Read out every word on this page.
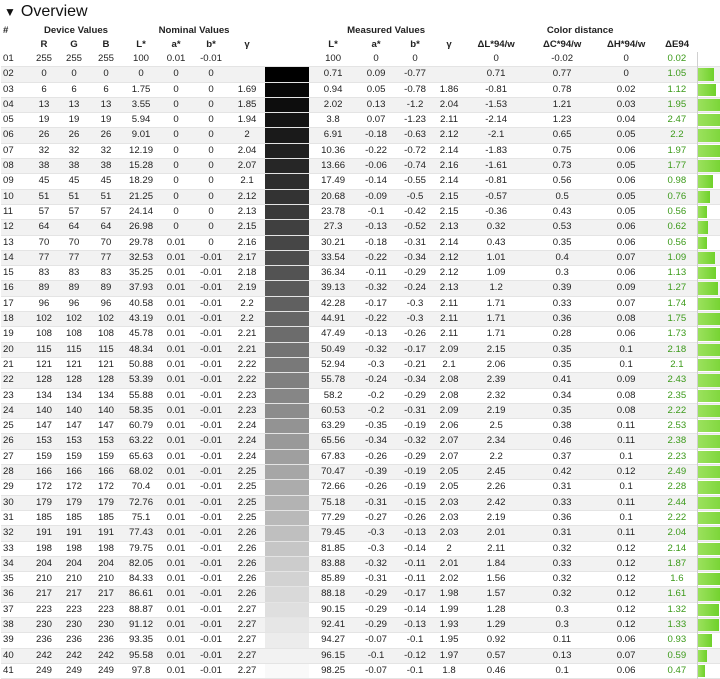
▼ Overview
#	Device Values			Nominal Values					Measured Values				Color distance				
	R	G	B	L*	a*	b*	γ		L*	a*	b*	γ	ΔL*94/w	ΔC*94/w	ΔH*94/w	ΔE94	
01	255	255	255	100	0.01	-0.01			100	0	0		0	-0.02	0	0.02	

02	0	0	0	0	0	0			0.71	0.09	-0.77		0.71	0.77	0	1.05	

03	6	6	6	1.75	0	0	1.69		0.94	0.05	-0.78	1.86	-0.81	0.78	0.02	1.12	

04	13	13	13	3.55	0	0	1.85		2.02	0.13	-1.2	2.04	-1.53	1.21	0.03	1.95	

05	19	19	19	5.94	0	0	1.94		3.8	0.07	-1.23	2.11	-2.14	1.23	0.04	2.47	

06	26	26	26	9.01	0	0	2		6.91	-0.18	-0.63	2.12	-2.1	0.65	0.05	2.2	

07	32	32	32	12.19	0	0	2.04		10.36	-0.22	-0.72	2.14	-1.83	0.75	0.06	1.97	

08	38	38	38	15.28	0	0	2.07		13.66	-0.06	-0.74	2.16	-1.61	0.73	0.05	1.77	

09	45	45	45	18.29	0	0	2.1		17.49	-0.14	-0.55	2.14	-0.81	0.56	0.06	0.98	

10	51	51	51	21.25	0	0	2.12		20.68	-0.09	-0.5	2.15	-0.57	0.5	0.05	0.76	

11	57	57	57	24.14	0	0	2.13		23.78	-0.1	-0.42	2.15	-0.36	0.43	0.05	0.56	

12	64	64	64	26.98	0	0	2.15		27.3	-0.13	-0.52	2.13	0.32	0.53	0.06	0.62	

13	70	70	70	29.78	0.01	0	2.16		30.21	-0.18	-0.31	2.14	0.43	0.35	0.06	0.56	

14	77	77	77	32.53	0.01	-0.01	2.17		33.54	-0.22	-0.34	2.12	1.01	0.4	0.07	1.09	

15	83	83	83	35.25	0.01	-0.01	2.18		36.34	-0.11	-0.29	2.12	1.09	0.3	0.06	1.13	

16	89	89	89	37.93	0.01	-0.01	2.19		39.13	-0.32	-0.24	2.13	1.2	0.39	0.09	1.27	

17	96	96	96	40.58	0.01	-0.01	2.2		42.28	-0.17	-0.3	2.11	1.71	0.33	0.07	1.74	

18	102	102	102	43.19	0.01	-0.01	2.2		44.91	-0.22	-0.3	2.11	1.71	0.36	0.08	1.75	

19	108	108	108	45.78	0.01	-0.01	2.21		47.49	-0.13	-0.26	2.11	1.71	0.28	0.06	1.73	

20	115	115	115	48.34	0.01	-0.01	2.21		50.49	-0.32	-0.17	2.09	2.15	0.35	0.1	2.18	

21	121	121	121	50.88	0.01	-0.01	2.22		52.94	-0.3	-0.21	2.1	2.06	0.35	0.1	2.1	

22	128	128	128	53.39	0.01	-0.01	2.22		55.78	-0.24	-0.34	2.08	2.39	0.41	0.09	2.43	

23	134	134	134	55.88	0.01	-0.01	2.23		58.2	-0.2	-0.29	2.08	2.32	0.34	0.08	2.35	

24	140	140	140	58.35	0.01	-0.01	2.23		60.53	-0.2	-0.31	2.09	2.19	0.35	0.08	2.22	

25	147	147	147	60.79	0.01	-0.01	2.24		63.29	-0.35	-0.19	2.06	2.5	0.38	0.11	2.53	

26	153	153	153	63.22	0.01	-0.01	2.24		65.56	-0.34	-0.32	2.07	2.34	0.46	0.11	2.38	

27	159	159	159	65.63	0.01	-0.01	2.24		67.83	-0.26	-0.29	2.07	2.2	0.37	0.1	2.23	

28	166	166	166	68.02	0.01	-0.01	2.25		70.47	-0.39	-0.19	2.05	2.45	0.42	0.12	2.49	

29	172	172	172	70.4	0.01	-0.01	2.25		72.66	-0.26	-0.19	2.05	2.26	0.31	0.1	2.28	

30	179	179	179	72.76	0.01	-0.01	2.25		75.18	-0.31	-0.15	2.03	2.42	0.33	0.11	2.44	

31	185	185	185	75.1	0.01	-0.01	2.25		77.29	-0.27	-0.26	2.03	2.19	0.36	0.1	2.22	

32	191	191	191	77.43	0.01	-0.01	2.26		79.45	-0.3	-0.13	2.03	2.01	0.31	0.11	2.04	

33	198	198	198	79.75	0.01	-0.01	2.26		81.85	-0.3	-0.14	2	2.11	0.32	0.12	2.14	

34	204	204	204	82.05	0.01	-0.01	2.26		83.88	-0.32	-0.11	2.01	1.84	0.33	0.12	1.87	

35	210	210	210	84.33	0.01	-0.01	2.26		85.89	-0.31	-0.11	2.02	1.56	0.32	0.12	1.6	

36	217	217	217	86.61	0.01	-0.01	2.26		88.18	-0.29	-0.17	1.98	1.57	0.32	0.12	1.61	

37	223	223	223	88.87	0.01	-0.01	2.27		90.15	-0.29	-0.14	1.99	1.28	0.3	0.12	1.32	

38	230	230	230	91.12	0.01	-0.01	2.27		92.41	-0.29	-0.13	1.93	1.29	0.3	0.12	1.33	

39	236	236	236	93.35	0.01	-0.01	2.27		94.27	-0.07	-0.1	1.95	0.92	0.11	0.06	0.93	

40	242	242	242	95.58	0.01	-0.01	2.27		96.15	-0.1	-0.12	1.97	0.57	0.13	0.07	0.59	

41	249	249	249	97.8	0.01	-0.01	2.27		98.25	-0.07	-0.1	1.8	0.46	0.1	0.06	0.47	
